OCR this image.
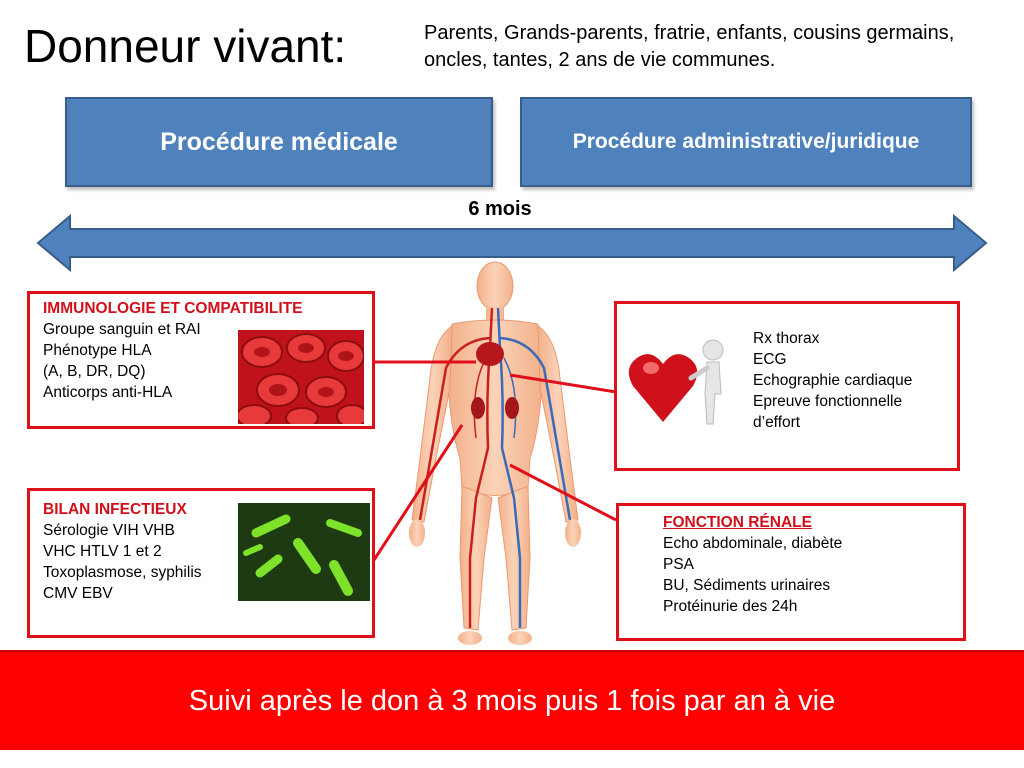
Donneur vivant:	Parents, Grands-parents, fratrie, enfants, cousins germains, oncles, tantes, 2 ans de vie communes.
Procédure médicale	Procédure administrative/juridique
6 mois
IMMUNOLOGIE ET COMPATIBILITE
Groupe sanguin et RAI
Phénotype HLA
(A, B, DR, DQ)
Anticorps anti-HLA
BILAN INFECTIEUX
Sérologie VIH VHB
VHC HTLV 1 et 2
Toxoplasmose, syphilis
CMV EBV
Rx thorax
ECG
Echographie cardiaque
Epreuve fonctionnelle
d’effort
FONCTION RÉNALE
Echo abdominale, diabète
PSA
BU, Sédiments urinaires
Protéinurie des 24h
Suivi après le don à 3 mois puis 1 fois par an à vie
